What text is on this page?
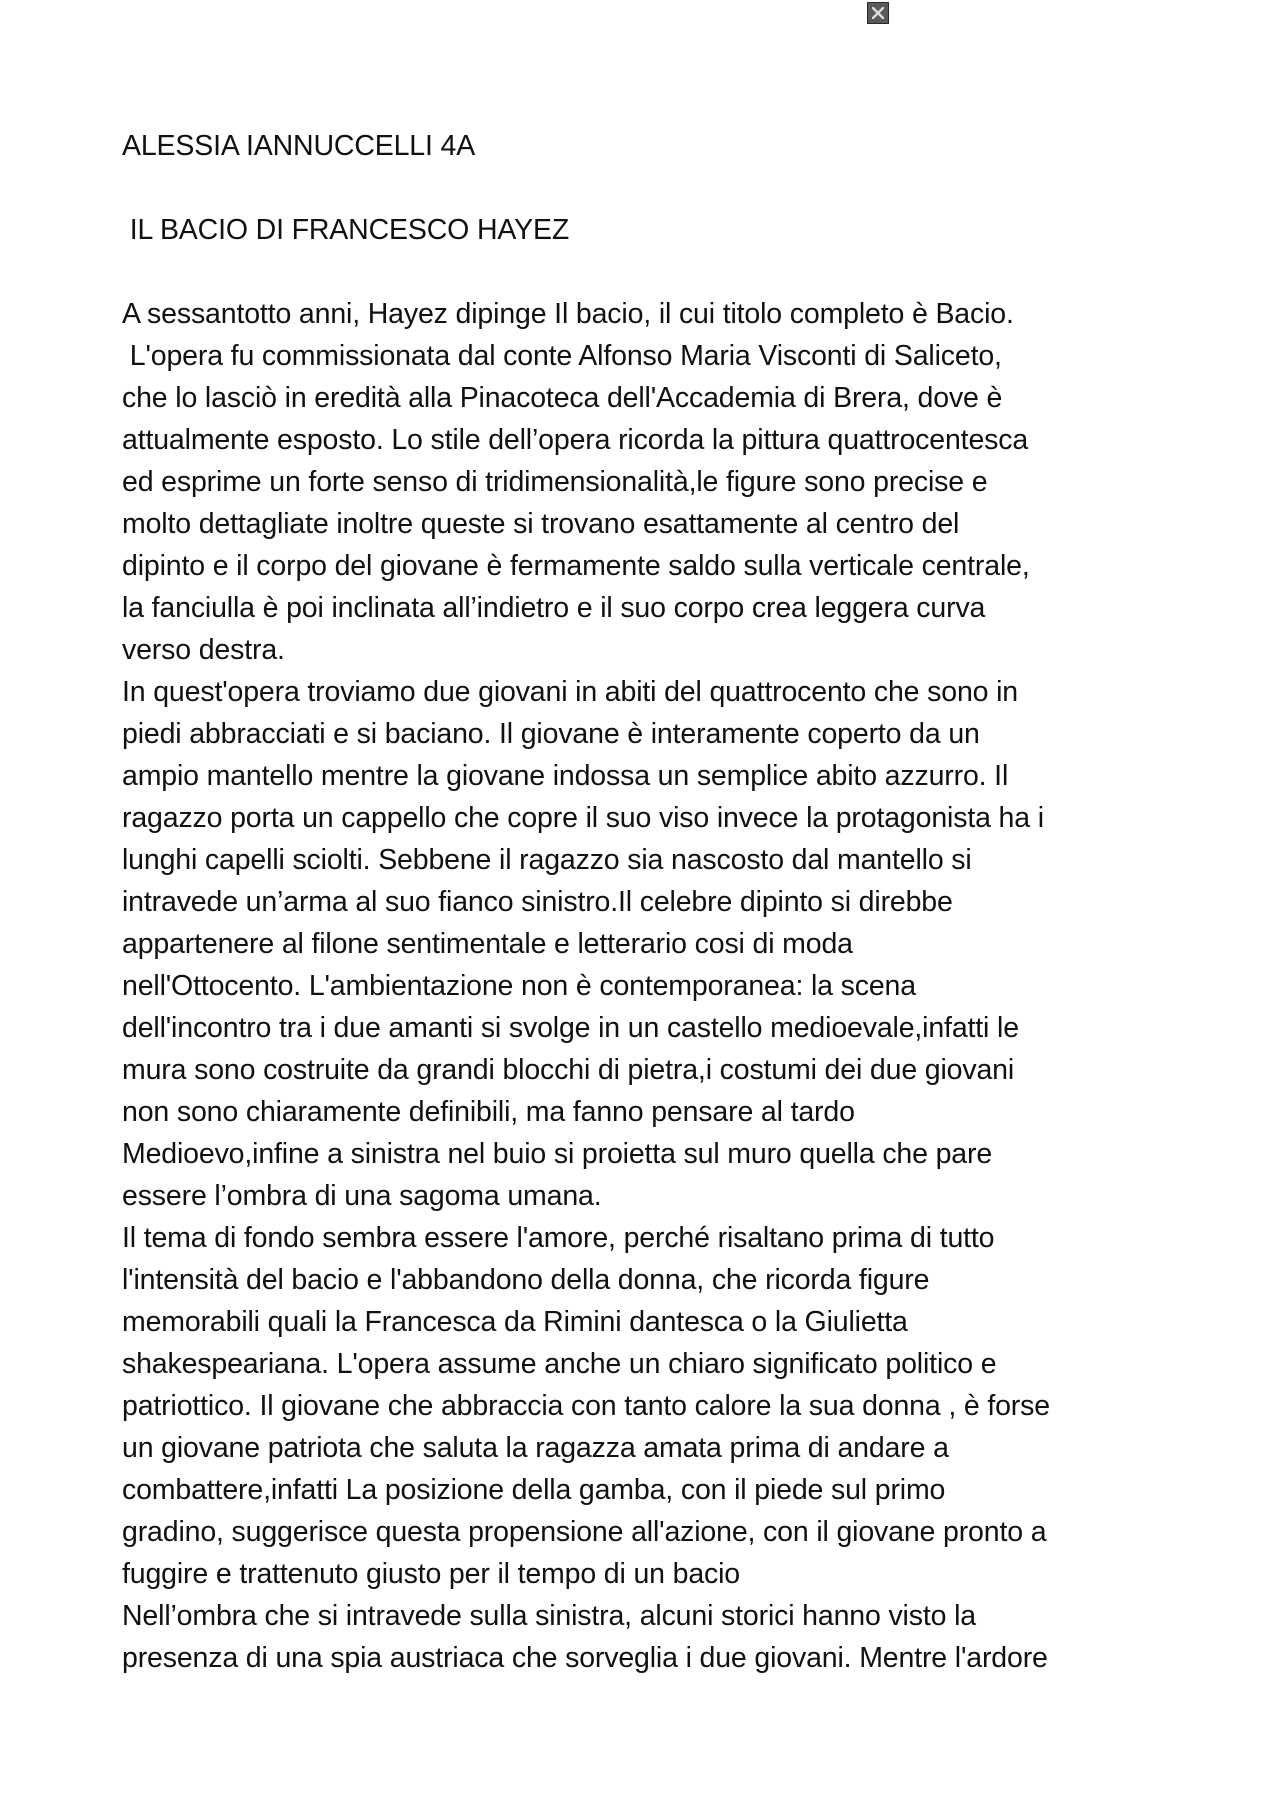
ALESSIA IANNUCCELLI 4A

IL BACIO DI FRANCESCO HAYEZ

A sessantotto anni, Hayez dipinge Il bacio, il cui titolo completo è Bacio.
L'opera fu commissionata dal conte Alfonso Maria Visconti di Saliceto,
che lo lasciò in eredità alla Pinacoteca dell'Accademia di Brera, dove è
attualmente esposto. Lo stile dell’opera ricorda la pittura quattrocentesca
ed esprime un forte senso di tridimensionalità,le figure sono precise e
molto dettagliate inoltre queste si trovano esattamente al centro del
dipinto e il corpo del giovane è fermamente saldo sulla verticale centrale,
la fanciulla è poi inclinata all’indietro e il suo corpo crea leggera curva
verso destra.
In quest'opera troviamo due giovani in abiti del quattrocento che sono in
piedi abbracciati e si baciano. Il giovane è interamente coperto da un
ampio mantello mentre la giovane indossa un semplice abito azzurro. Il
ragazzo porta un cappello che copre il suo viso invece la protagonista ha i
lunghi capelli sciolti. Sebbene il ragazzo sia nascosto dal mantello si
intravede un’arma al suo fianco sinistro.Il celebre dipinto si direbbe
appartenere al filone sentimentale e letterario cosi di moda
nell'Ottocento. L'ambientazione non è contemporanea: la scena
dell'incontro tra i due amanti si svolge in un castello medioevale,infatti le
mura sono costruite da grandi blocchi di pietra,i costumi dei due giovani
non sono chiaramente definibili, ma fanno pensare al tardo
Medioevo,infine a sinistra nel buio si proietta sul muro quella che pare
essere l’ombra di una sagoma umana.
Il tema di fondo sembra essere l'amore, perché risaltano prima di tutto
l'intensità del bacio e l'abbandono della donna, che ricorda figure
memorabili quali la Francesca da Rimini dantesca o la Giulietta
shakespeariana. L'opera assume anche un chiaro significato politico e
patriottico. Il giovane che abbraccia con tanto calore la sua donna , è forse
un giovane patriota che saluta la ragazza amata prima di andare a
combattere,infatti La posizione della gamba, con il piede sul primo
gradino, suggerisce questa propensione all'azione, con il giovane pronto a
fuggire e trattenuto giusto per il tempo di un bacio
Nell’ombra che si intravede sulla sinistra, alcuni storici hanno visto la
presenza di una spia austriaca che sorveglia i due giovani. Mentre l'ardore
